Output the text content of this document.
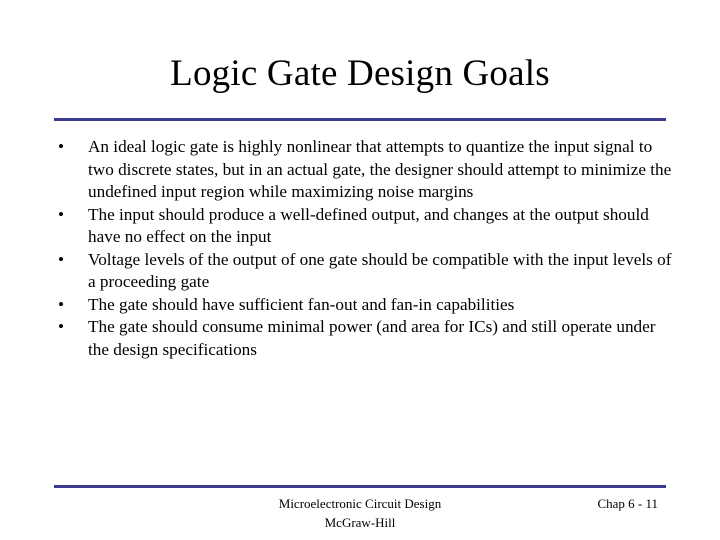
Logic Gate Design Goals
•	An ideal logic gate is highly nonlinear that attempts to quantize the input signal to two discrete states, but in an actual gate, the designer should attempt to minimize the undefined input region while maximizing noise margins
•	The input should produce a well-defined output, and changes at the output should have no effect on the input
•	Voltage levels of the output of one gate should be compatible with the input levels of a proceeding gate
•	The gate should have sufficient fan-out and fan-in capabilities
•	The gate should consume minimal power (and area for ICs) and still operate under the design specifications
Microelectronic Circuit Design
McGraw-Hill
Chap 6 - 11
